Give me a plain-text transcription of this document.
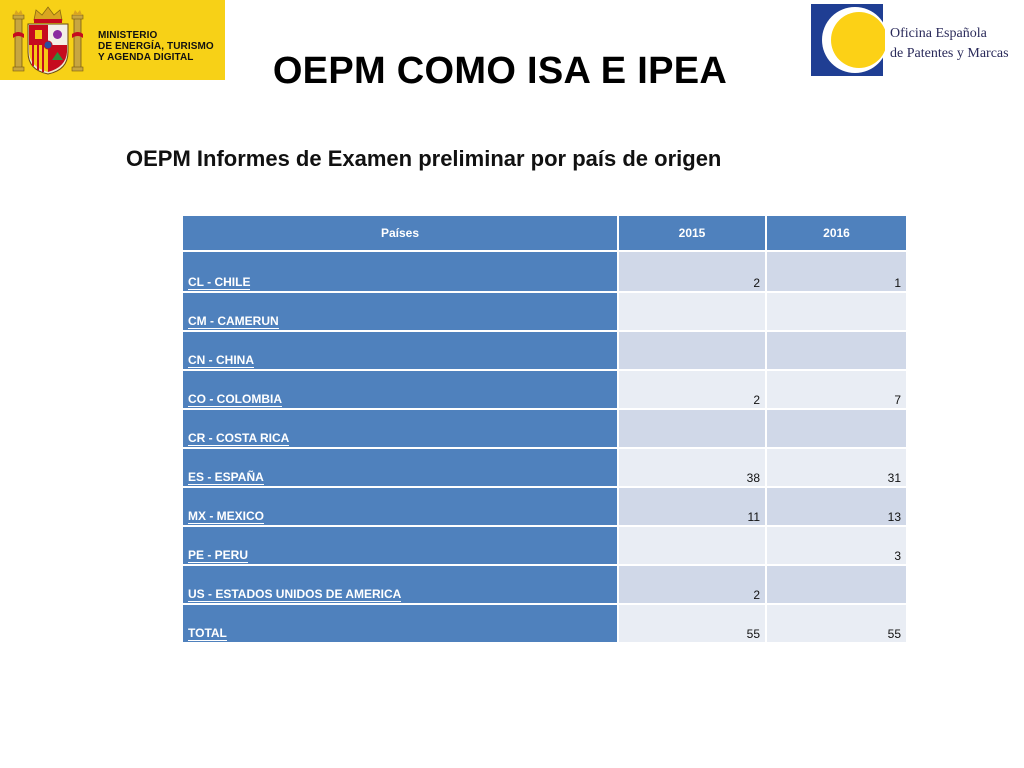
MINISTERIO
DE ENERGÍA, TURISMO
Y AGENDA DIGITAL
Oficina Española
de Patentes y Marcas
OEPM COMO ISA E IPEA
OEPM Informes de Examen preliminar por país de origen
Países	2015	2016
CL - CHILE	2	1
CM - CAMERUN		
CN - CHINA		
CO - COLOMBIA	2	7
CR - COSTA RICA		
ES - ESPAÑA	38	31
MX - MEXICO	11	13
PE - PERU		3
US - ESTADOS UNIDOS DE AMERICA	2	
TOTAL	55	55
